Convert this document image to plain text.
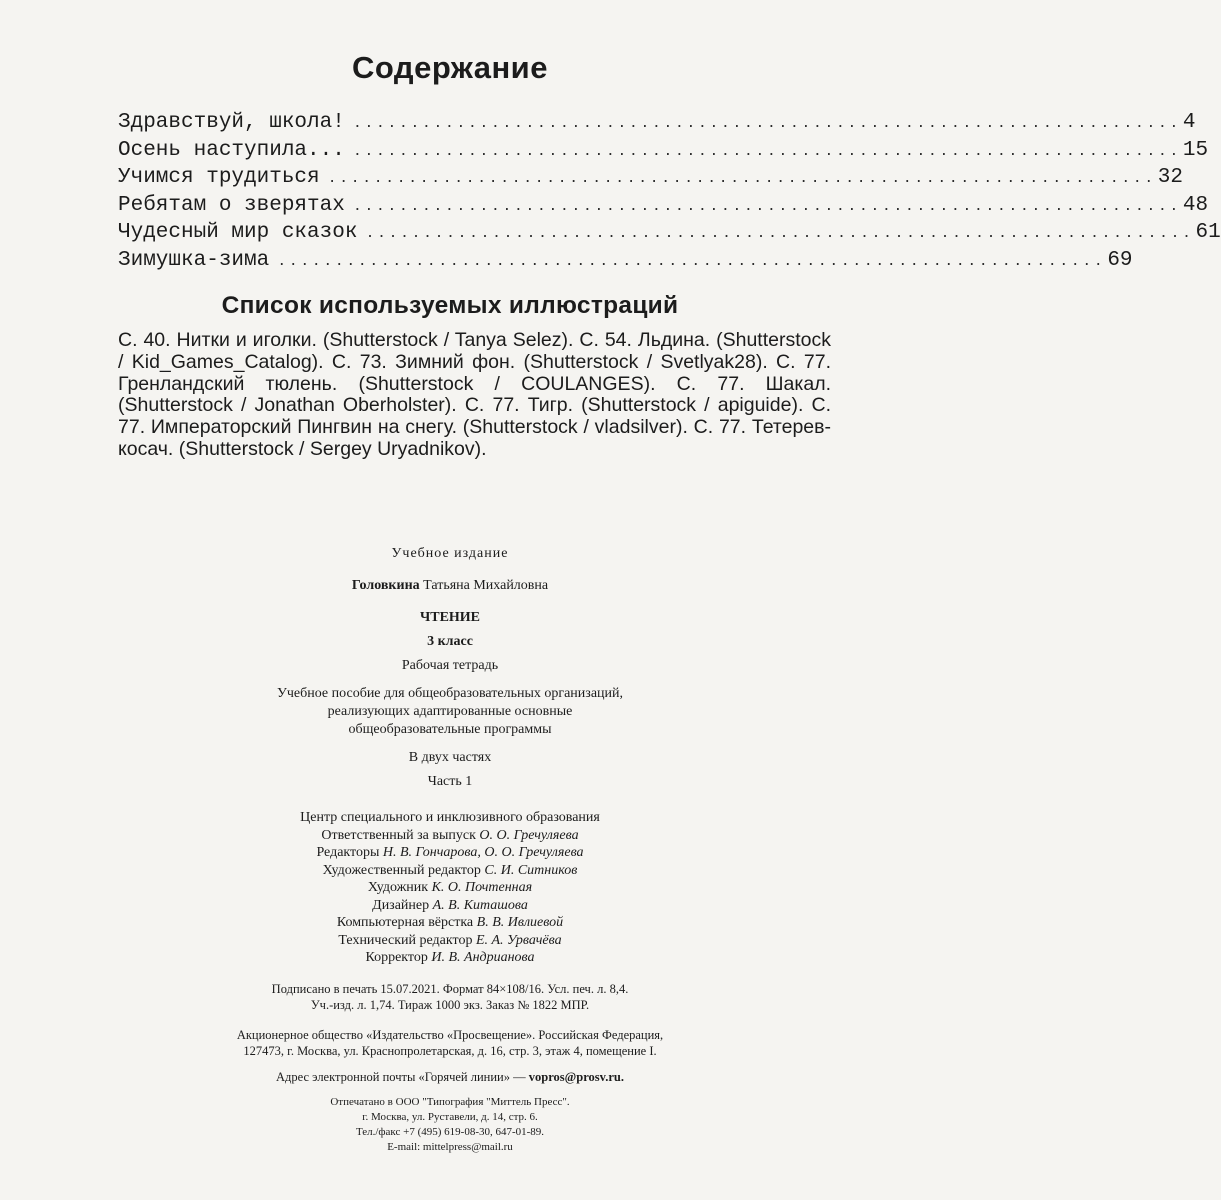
Содержание
Здравствуй, школа! ........................................................................ 4
Осень наступила... ........................................................................ 15
Учимся трудиться ........................................................................ 32
Ребятам о зверятах ........................................................................ 48
Чудесный мир сказок ........................................................................ 61
Зимушка-зима ........................................................................ 69
Список используемых иллюстраций

С. 40. Нитки и иголки. (Shutterstock / Tanya Selez). С. 54. Льдина. (Shutterstock / Kid_Games_Catalog). С. 73. Зимний фон. (Shutterstock / Svetlyak28). С. 77. Гренландский тюлень. (Shutterstock / COULANGES). С. 77. Шакал. (Shutterstock / Jonathan Oberholster). С. 77. Тигр. (Shutterstock / apiguide). С. 77. Императорский Пингвин на снегу. (Shutterstock / vladsilver). С. 77. Тетерев-косач. (Shutterstock / Sergey Uryadnikov).

Учебное издание

Головкина Татьяна Михайловна

ЧТЕНИЕ

3 класс

Рабочая тетрадь

Учебное пособие для общеобразовательных организаций,

реализующих адаптированные основные

общеобразовательные программы

В двух частях

Часть 1

Центр специального и инклюзивного образования

Ответственный за выпуск О. О. Гречуляева

Редакторы Н. В. Гончарова, О. О. Гречуляева

Художественный редактор С. И. Ситников

Художник К. О. Почтенная

Дизайнер А. В. Киташова

Компьютерная вёрстка В. В. Ивлиевой

Технический редактор Е. А. Урвачёва

Корректор И. В. Андрианова

Подписано в печать 15.07.2021. Формат 84×108/16. Усл. печ. л. 8,4.

Уч.-изд. л. 1,74. Тираж 1000 экз. Заказ № 1822 МПР.

Акционерное общество «Издательство «Просвещение». Российская Федерация,

127473, г. Москва, ул. Краснопролетарская, д. 16, стр. 3, этаж 4, помещение I.

Адрес электронной почты «Горячей линии» — vopros@prosv.ru.

Отпечатано в ООО "Типография "Миттель Пресс".

г. Москва, ул. Руставели, д. 14, стр. 6.

Тел./факс +7 (495) 619-08-30, 647-01-89.

E-mail: mittelpress@mail.ru
